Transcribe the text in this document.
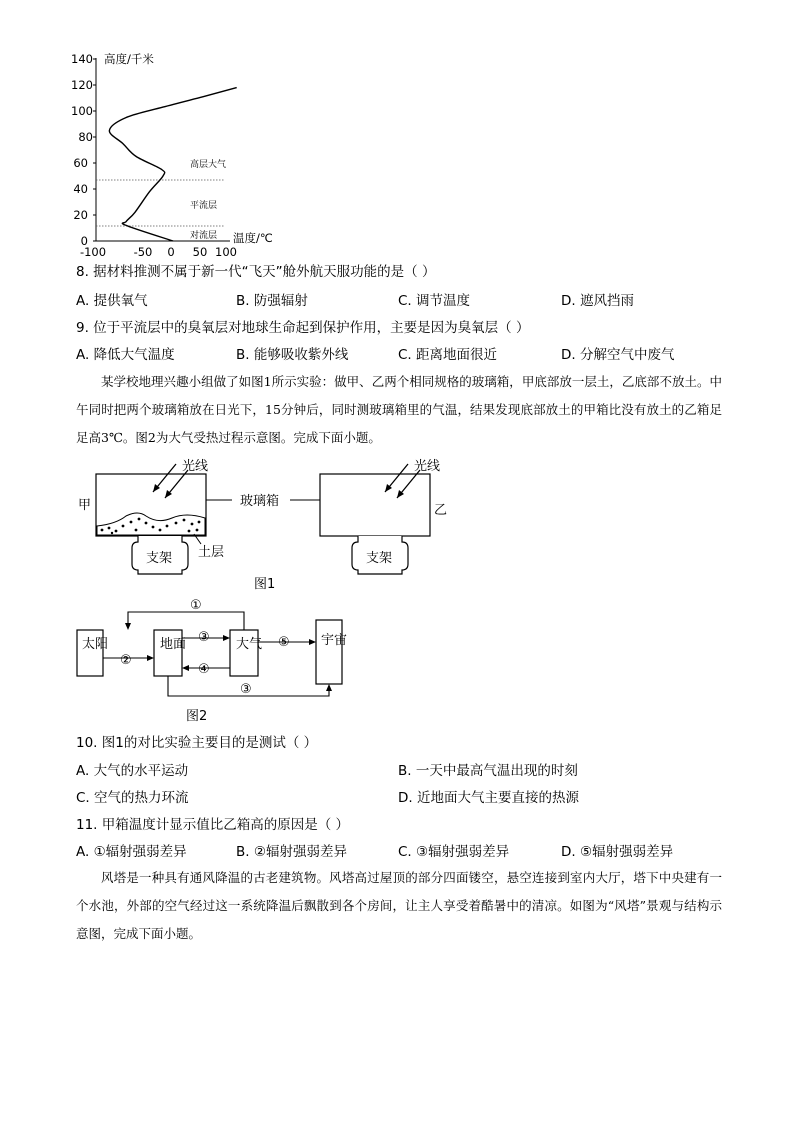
0
20
40
60
80
100
120
140 高度/千米
-100 -50 0 50 100
温度/℃
高层大气
平流层
对流层
8. 据材料推测不属于新一代“飞天”舱外航天服功能的是（ ）
A. 提供氧气	B. 防强辐射	C. 调节温度	D. 遮风挡雨
9. 位于平流层中的臭氧层对地球生命起到保护作用，主要是因为臭氧层（ ）
A. 降低大气温度	B. 能够吸收紫外线	C. 距离地面很近	D. 分解空气中废气
某学校地理兴趣小组做了如图1所示实验：做甲、乙两个相同规格的玻璃箱，甲底部放一层土，乙底部不放土。中午同时把两个玻璃箱放在日光下，15分钟后，同时测玻璃箱里的气温，结果发现底部放土的甲箱比没有放土的乙箱足足高3℃。图2为大气受热过程示意图。完成下面小题。
光线
甲
支架 土层
玻璃箱
光线
乙
支架
图1
太阳	地面	大气	宇宙
②
③
④
⑤
①
③
图2
10. 图1的对比实验主要目的是测试（ ）
A. 大气的水平运动	B. 一天中最高气温出现的时刻
C. 空气的热力环流	D. 近地面大气主要直接的热源
11. 甲箱温度计显示值比乙箱高的原因是（ ）
A. ①辐射强弱差异	B. ②辐射强弱差异	C. ③辐射强弱差异	D. ⑤辐射强弱差异
风塔是一种具有通风降温的古老建筑物。风塔高过屋顶的部分四面镂空，悬空连接到室内大厅，塔下中央建有一个水池，外部的空气经过这一系统降温后飘散到各个房间，让主人享受着酷暑中的清凉。如图为“风塔”景观与结构示意图，完成下面小题。
